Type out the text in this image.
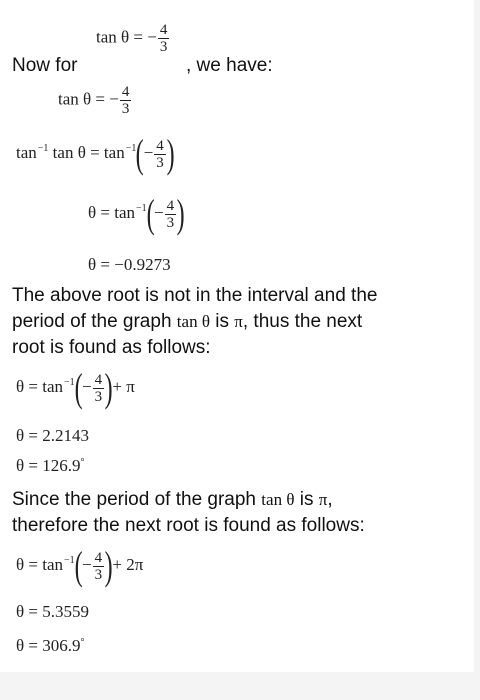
tan θ = − $\frac{4}{3}$
Now for	, we have:
tan θ = − $\frac{4}{3}$
$\tan^{-1} \tan \theta = \tan^{-1}(- \frac{4}{3}$ )
$\theta = \tan^{-1}(- \frac{4}{3}$ )
θ = −0.9273
The above root is not in the interval and the
period of the graph tan θ is π, thus the next
root is found as follows:
$\theta = \tan^{-1}(- \frac{4}{3}$ )+ π
θ = 2.2143
θ = 126.9°
Since the period of the graph tan θ is π,
therefore the next root is found as follows:
$\theta = \tan^{-1}(- \frac{4}{3}$ )+ 2π
θ = 5.3559
θ = 306.9°
